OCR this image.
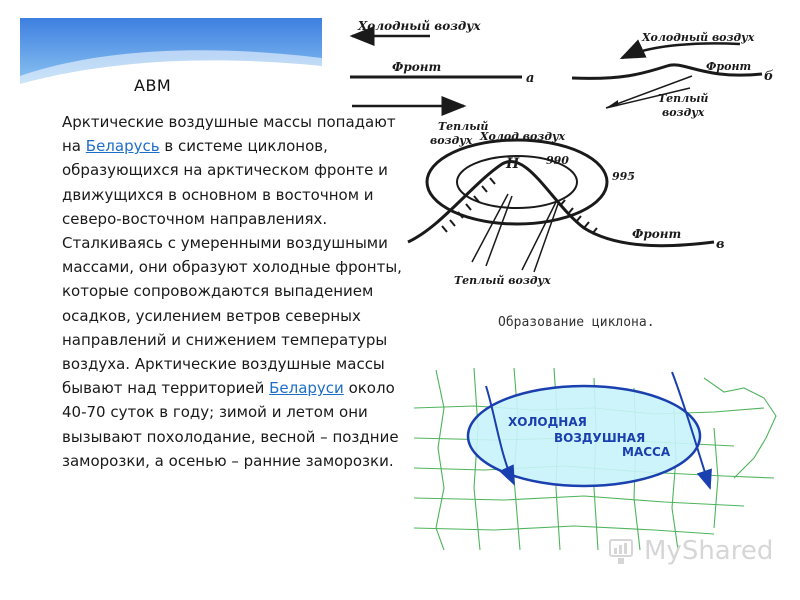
АВМ
Арктические воздушные массы попадают на Беларусь в системе циклонов, образующихся на арктическом фронте и движущихся в основном в восточном и северо-восточном направлениях. Сталкиваясь с умеренными воздушными массами, они образуют холодные фронты, которые сопровождаются выпадением осадков, усилением ветров северных направлений и снижением температуры воздуха. Арктические воздушные массы бывают над территорией Беларуси около 40-70 суток в году; зимой и летом они вызывают похолодание, весной – поздние заморозки, а осенью – ранние заморозки.
Холодный воздух
Фронт
а
Холодный воздух
Фронт
б
Теплый
воздух
Теплый
воздух Холод воздух
Н 990
995
Фронт
в
Теплый воздух
Образование циклона.
ХОЛОДНАЯ
ВОЗДУШНАЯ
МАССА
MyShared
